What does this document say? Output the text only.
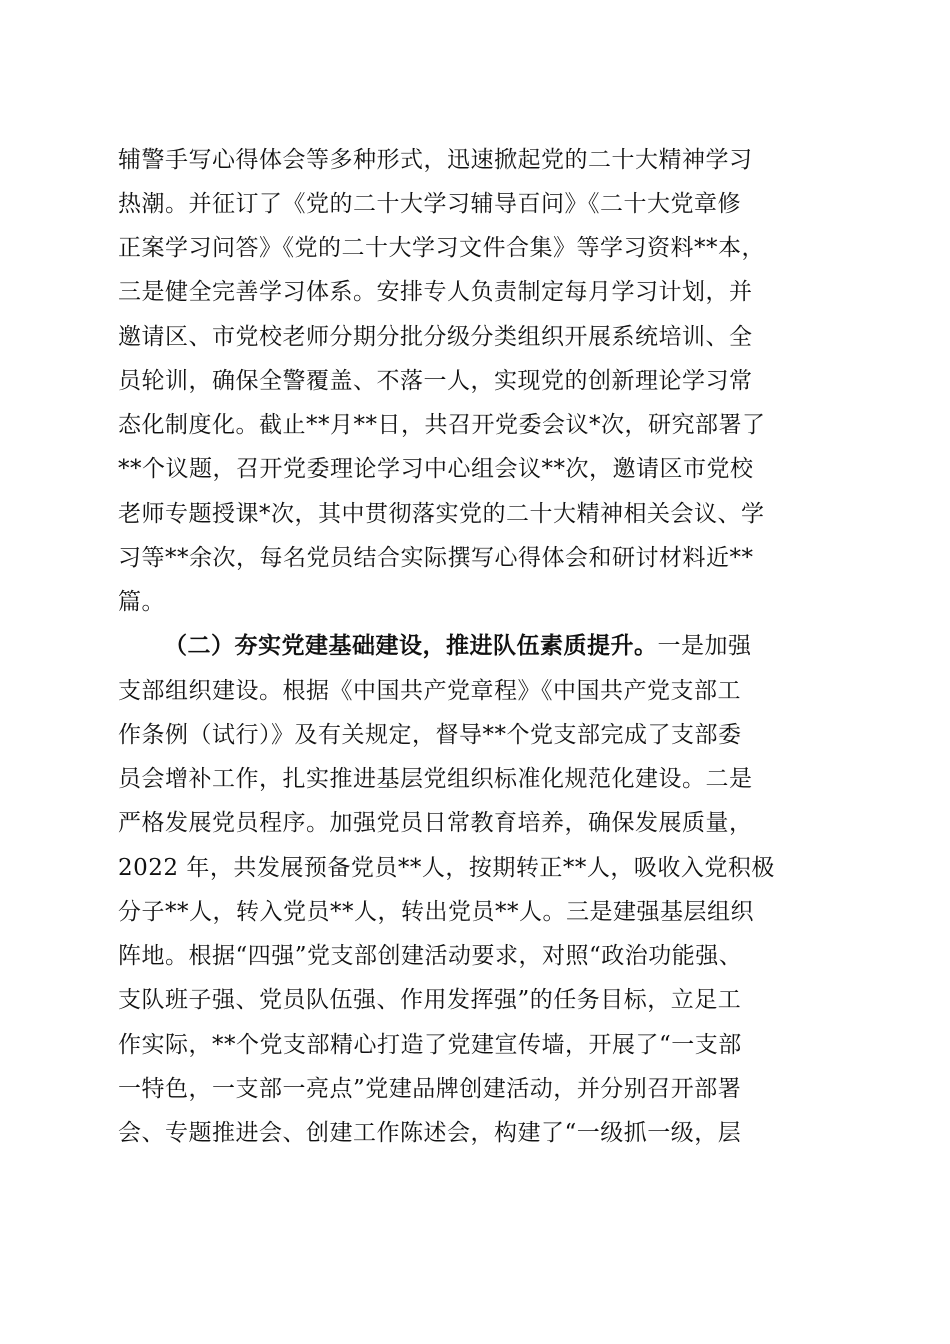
辅警手写心得体会等多种形式，迅速掀起党的二十大精神学习
热潮。并征订了《党的二十大学习辅导百问》《二十大党章修
正案学习问答》《党的二十大学习文件合集》等学习资料**本，
三是健全完善学习体系。安排专人负责制定每月学习计划，并
邀请区、市党校老师分期分批分级分类组织开展系统培训、全
员轮训，确保全警覆盖、不落一人，实现党的创新理论学习常
态化制度化。截止**月**日，共召开党委会议*次，研究部署了
**个议题，召开党委理论学习中心组会议**次，邀请区市党校
老师专题授课*次，其中贯彻落实党的二十大精神相关会议、学
习等**余次，每名党员结合实际撰写心得体会和研讨材料近**
篇。
（二）夯实党建基础建设，推进队伍素质提升。一是加强
支部组织建设。根据《中国共产党章程》《中国共产党支部工
作条例（试行）》及有关规定，督导**个党支部完成了支部委
员会增补工作，扎实推进基层党组织标准化规范化建设。二是
严格发展党员程序。加强党员日常教育培养，确保发展质量，
2022 年，共发展预备党员**人，按期转正**人，吸收入党积极
分子**人，转入党员**人，转出党员**人。三是建强基层组织
阵地。根据“四强”党支部创建活动要求，对照“政治功能强、
支队班子强、党员队伍强、作用发挥强”的任务目标，立足工
作实际，**个党支部精心打造了党建宣传墙，开展了“一支部
一特色，一支部一亮点”党建品牌创建活动，并分别召开部署
会、专题推进会、创建工作陈述会，构建了“一级抓一级，层
